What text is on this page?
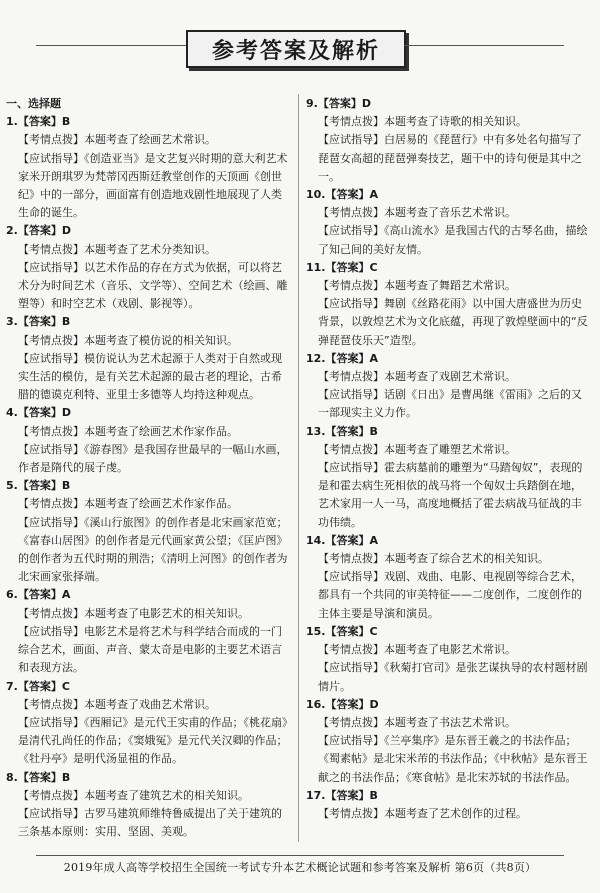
参考答案及解析
一、选择题
1.【答案】B
【考情点拨】本题考查了绘画艺术常识。
【应试指导】《创造亚当》是文艺复兴时期的意大利艺术家米开朗琪罗为梵蒂冈西斯廷教堂创作的天顶画《创世纪》中的一部分，画面富有创造地戏剧性地展现了人类生命的诞生。
2.【答案】D
【考情点拨】本题考查了艺术分类知识。
【应试指导】以艺术作品的存在方式为依据，可以将艺术分为时间艺术（音乐、文学等）、空间艺术（绘画、雕塑等）和时空艺术（戏剧、影视等）。
3.【答案】B
【考情点拨】本题考查了模仿说的相关知识。
【应试指导】模仿说认为艺术起源于人类对于自然或现实生活的模仿，是有关艺术起源的最古老的理论，古希腊的德谟克利特、亚里士多德等人均持这种观点。
4.【答案】D
【考情点拨】本题考查了绘画艺术作家作品。
【应试指导】《游春图》是我国存世最早的一幅山水画，作者是隋代的展子虔。
5.【答案】B
【考情点拨】本题考查了绘画艺术作家作品。
【应试指导】《溪山行旅图》的创作者是北宋画家范宽；《富春山居图》的创作者是元代画家黄公望；《匡庐图》的创作者为五代时期的荆浩；《清明上河图》的创作者为北宋画家张择端。
6.【答案】A
【考情点拨】本题考查了电影艺术的相关知识。
【应试指导】电影艺术是将艺术与科学结合而成的一门综合艺术，画面、声音、蒙太奇是电影的主要艺术语言和表现方法。
7.【答案】C
【考情点拨】本题考查了戏曲艺术常识。
【应试指导】《西厢记》是元代王实甫的作品；《桃花扇》是清代孔尚任的作品；《窦娥冤》是元代关汉卿的作品；《牡丹亭》是明代汤显祖的作品。
8.【答案】B
【考情点拨】本题考查了建筑艺术的相关知识。
【应试指导】古罗马建筑师维特鲁威提出了关于建筑的三条基本原则：实用、坚固、美观。
9.【答案】D
【考情点拨】本题考查了诗歌的相关知识。
【应试指导】白居易的《琵琶行》中有多处名句描写了琵琶女高超的琵琶弹奏技艺，题干中的诗句便是其中之一。
10.【答案】A
【考情点拨】本题考查了音乐艺术常识。
【应试指导】《高山流水》是我国古代的古琴名曲，描绘了知己间的美好友情。
11.【答案】C
【考情点拨】本题考查了舞蹈艺术常识。
【应试指导】舞剧《丝路花雨》以中国大唐盛世为历史背景，以敦煌艺术为文化底蕴，再现了敦煌壁画中的“反弹琵琶伎乐天”造型。
12.【答案】A
【考情点拨】本题考查了戏剧艺术常识。
【应试指导】话剧《日出》是曹禺继《雷雨》之后的又一部现实主义力作。
13.【答案】B
【考情点拨】本题考查了雕塑艺术常识。
【应试指导】霍去病墓前的雕塑为“马踏匈奴”，表现的是和霍去病生死相依的战马将一个匈奴士兵踏倒在地，艺术家用一人一马，高度地概括了霍去病战马征战的丰功伟绩。
14.【答案】A
【考情点拨】本题考查了综合艺术的相关知识。
【应试指导】戏剧、戏曲、电影、电视剧等综合艺术，都具有一个共同的审美特征——二度创作，二度创作的主体主要是导演和演员。
15.【答案】C
【考情点拨】本题考查了电影艺术常识。
【应试指导】《秋菊打官司》是张艺谋执导的农村题材剧情片。
16.【答案】D
【考情点拨】本题考查了书法艺术常识。
【应试指导】《兰亭集序》是东晋王羲之的书法作品；《蜀素帖》是北宋米芾的书法作品；《中秋帖》是东晋王献之的书法作品；《寒食帖》是北宋苏轼的书法作品。
17.【答案】B
【考情点拨】本题考查了艺术创作的过程。
2019年成人高等学校招生全国统一考试专升本艺术概论试题和参考答案及解析 第6页（共8页）
